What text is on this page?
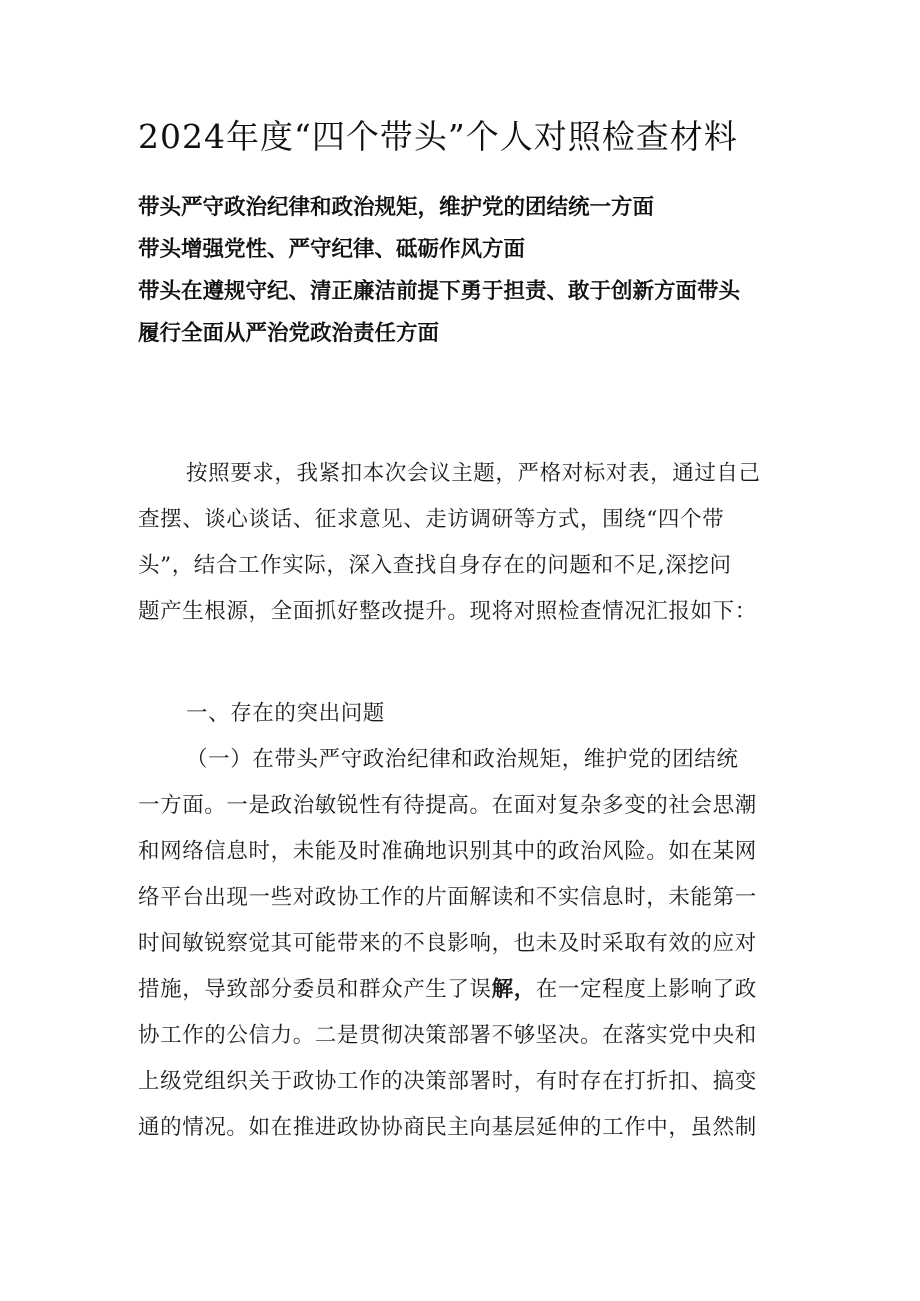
2024年度“四个带头”个人对照检查材料
带头严守政治纪律和政治规矩，维护党的团结统一方面
带头增强党性、严守纪律、砥砺作风方面
带头在遵规守纪、清正廉洁前提下勇于担责、敢于创新方面带头
履行全面从严治党政治责任方面
按照要求，我紧扣本次会议主题，严格对标对表，通过自己
查摆、谈心谈话、征求意见、走访调研等方式，围绕“四个带
头”，结合工作实际，深入查找自身存在的问题和不足,深挖问
题产生根源，全面抓好整改提升。现将对照检查情况汇报如下：
一、存在的突出问题
（一）在带头严守政治纪律和政治规矩，维护党的团结统
一方面。一是政治敏锐性有待提高。在面对复杂多变的社会思潮
和网络信息时，未能及时准确地识别其中的政治风险。如在某网
络平台出现一些对政协工作的片面解读和不实信息时，未能第一
时间敏锐察觉其可能带来的不良影响，也未及时采取有效的应对
措施，导致部分委员和群众产生了误解，在一定程度上影响了政
协工作的公信力。二是贯彻决策部署不够坚决。在落实党中央和
上级党组织关于政协工作的决策部署时，有时存在打折扣、搞变
通的情况。如在推进政协协商民主向基层延伸的工作中，虽然制
